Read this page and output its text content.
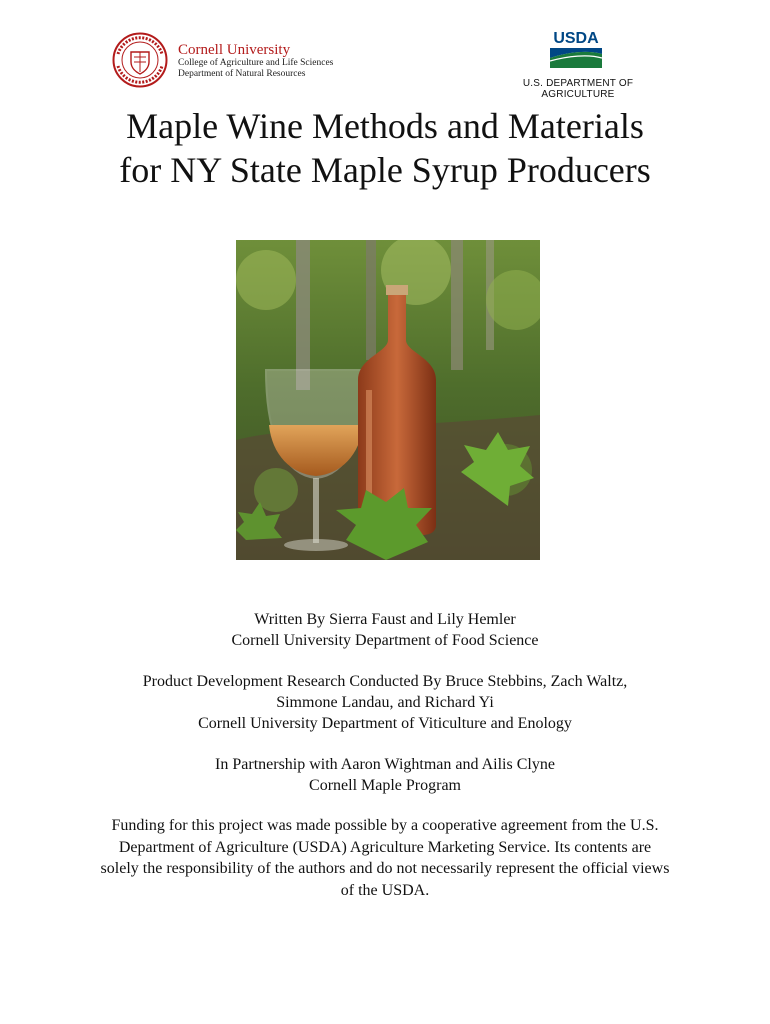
Cornell University
College of Agriculture and Life Sciences
Department of Natural Resources
USDA
U.S. DEPARTMENT OF AGRICULTURE
Maple Wine Methods and Materials
for NY State Maple Syrup Producers
Written By Sierra Faust and Lily Hemler
Cornell University Department of Food Science
Product Development Research Conducted By Bruce Stebbins, Zach Waltz,
Simmone Landau, and Richard Yi
Cornell University Department of Viticulture and Enology
In Partnership with Aaron Wightman and Ailis Clyne
Cornell Maple Program
Funding for this project was made possible by a cooperative agreement from the U.S. Department of Agriculture (USDA) Agriculture Marketing Service. Its contents are solely the responsibility of the authors and do not necessarily represent the official views of the USDA.
